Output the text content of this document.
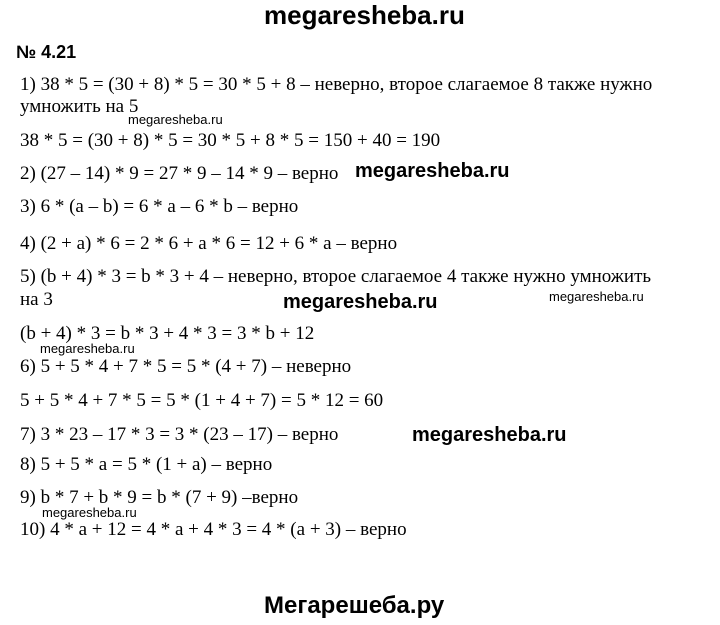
megaresheba.ru
№ 4.21
1) 38 * 5 = (30 + 8) * 5 = 30 * 5 + 8 – неверно, второе слагаемое 8 также нужно
умножить на 5
megaresheba.ru
38 * 5 = (30 + 8) * 5 = 30 * 5 + 8 * 5 = 150 + 40 = 190
2) (27 – 14) * 9 = 27 * 9 – 14 * 9 – верно megaresheba.ru
3) 6 * (a – b) = 6 * a – 6 * b – верно
4) (2 + a) * 6 = 2 * 6 + a * 6 = 12 + 6 * a – верно
5) (b + 4) * 3 = b * 3 + 4 – неверно, второе слагаемое 4 также нужно умножить
на 3	megaresheba.ru	megaresheba.ru
(b + 4) * 3 = b * 3 + 4 * 3 = 3 * b + 12
megaresheba.ru
6) 5 + 5 * 4 + 7 * 5 = 5 * (4 + 7) – неверно
5 + 5 * 4 + 7 * 5 = 5 * (1 + 4 + 7) = 5 * 12 = 60
7) 3 * 23 – 17 * 3 = 3 * (23 – 17) – верно	megaresheba.ru
8) 5 + 5 * a = 5 * (1 + a) – верно
9) b * 7 + b * 9 = b * (7 + 9) –верно
megaresheba.ru
10) 4 * a + 12 = 4 * a + 4 * 3 = 4 * (a + 3) – верно
Мегарешеба.ру
